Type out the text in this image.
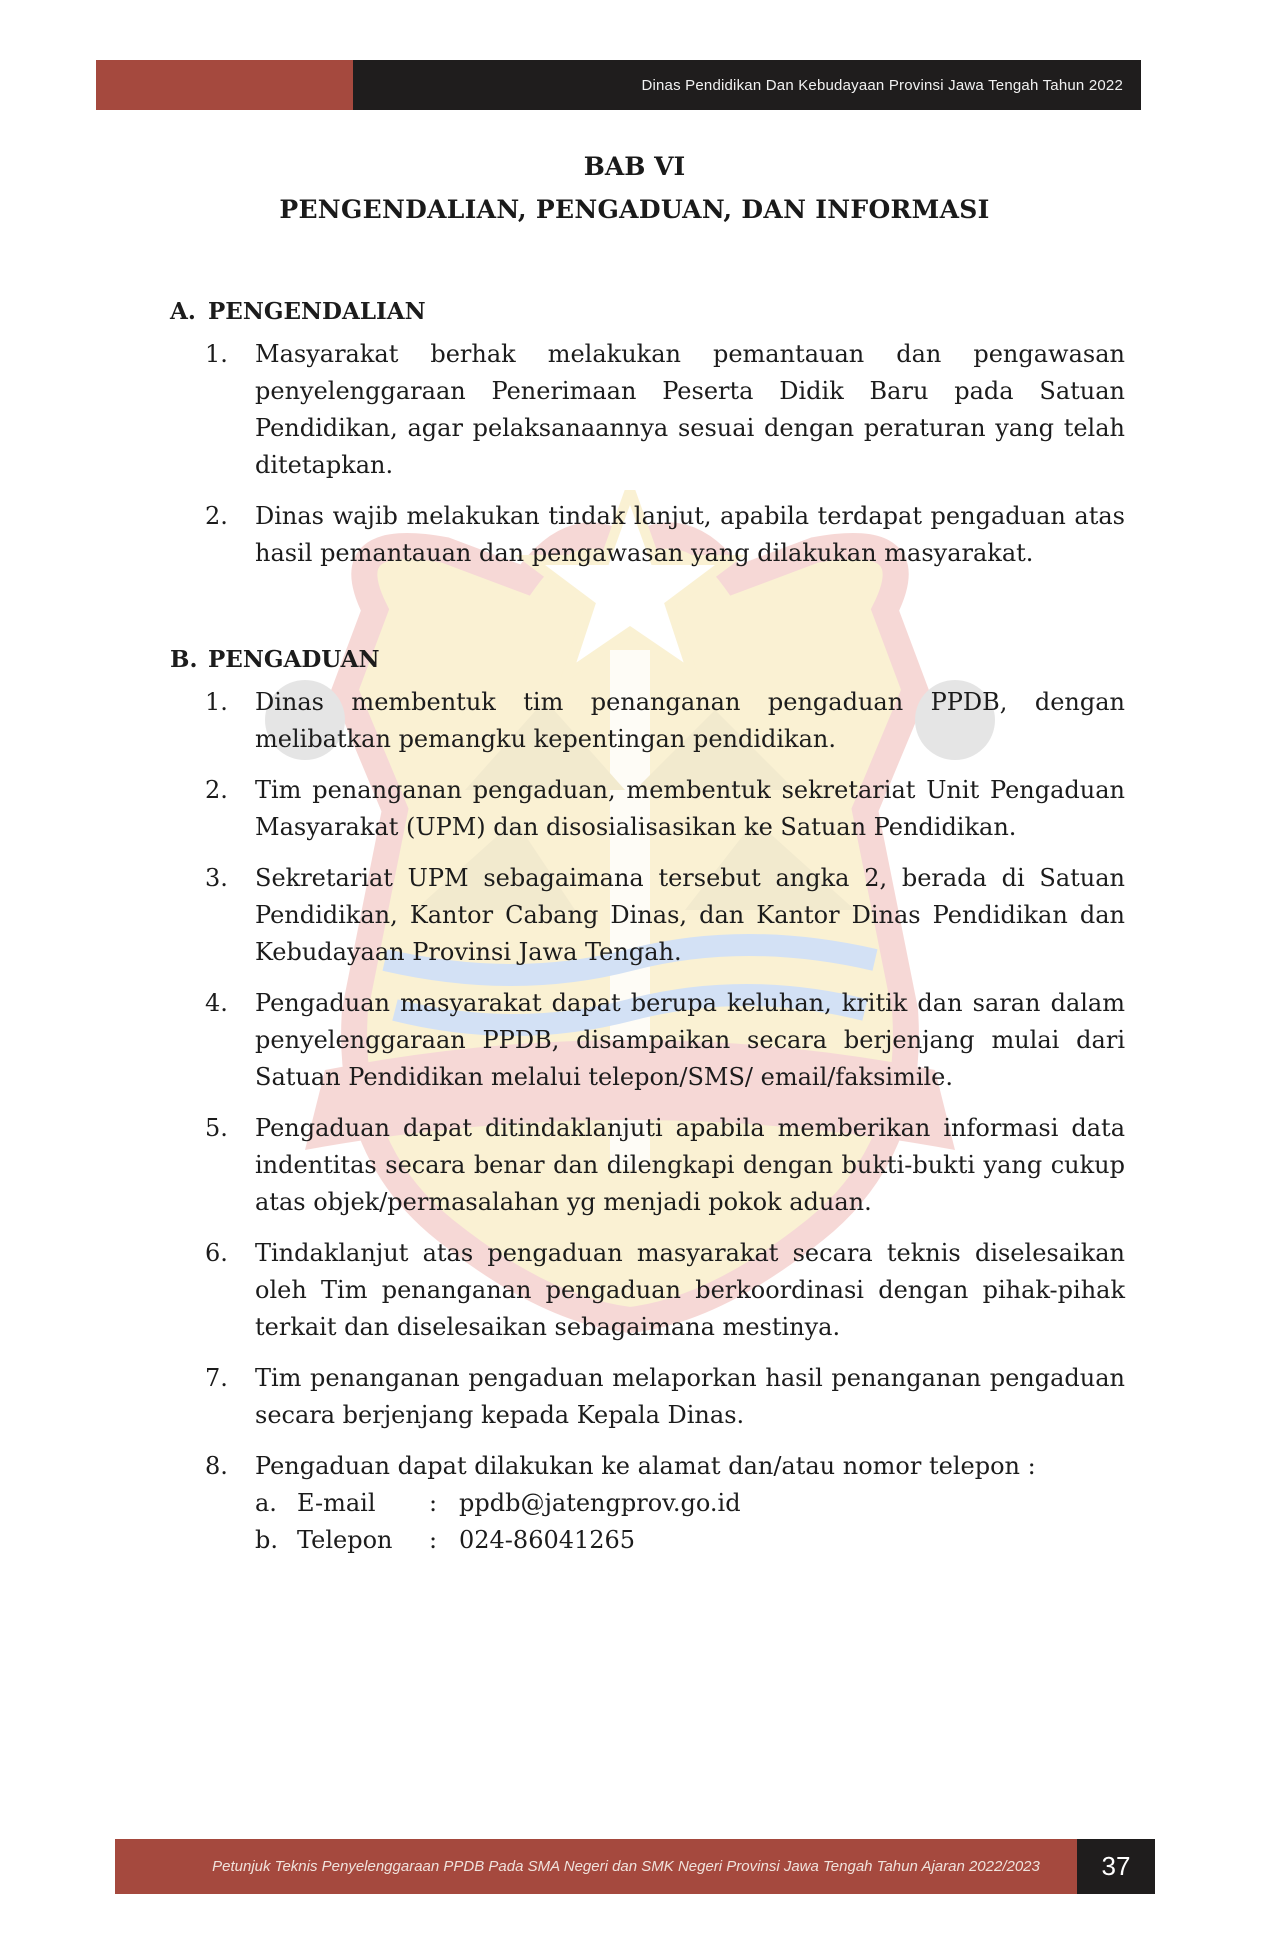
Dinas Pendidikan Dan Kebudayaan Provinsi Jawa Tengah Tahun 2022
BAB VI
PENGENDALIAN, PENGADUAN, DAN INFORMASI
A. PENGENDALIAN
1.	Masyarakat berhak melakukan pemantauan dan pengawasan penyelenggaraan Penerimaan Peserta Didik Baru pada Satuan Pendidikan, agar pelaksanaannya sesuai dengan peraturan yang telah ditetapkan.
2.	Dinas wajib melakukan tindak lanjut, apabila terdapat pengaduan atas hasil pemantauan dan pengawasan yang dilakukan masyarakat.
B. PENGADUAN
1.	Dinas membentuk tim penanganan pengaduan PPDB, dengan melibatkan pemangku kepentingan pendidikan.
2.	Tim penanganan pengaduan, membentuk sekretariat Unit Pengaduan Masyarakat (UPM) dan disosialisasikan ke Satuan Pendidikan.
3.	Sekretariat UPM sebagaimana tersebut angka 2, berada di Satuan Pendidikan, Kantor Cabang Dinas, dan Kantor Dinas Pendidikan dan Kebudayaan Provinsi Jawa Tengah.
4.	Pengaduan masyarakat dapat berupa keluhan, kritik dan saran dalam penyelenggaraan PPDB, disampaikan secara berjenjang mulai dari Satuan Pendidikan melalui telepon/SMS/ email/faksimile.
5.	Pengaduan dapat ditindaklanjuti apabila memberikan informasi data indentitas secara benar dan dilengkapi dengan bukti-bukti yang cukup atas objek/permasalahan yg menjadi pokok aduan.
6.	Tindaklanjut atas pengaduan masyarakat secara teknis diselesaikan oleh Tim penanganan pengaduan berkoordinasi dengan pihak-pihak terkait dan diselesaikan sebagaimana mestinya.
7.	Tim penanganan pengaduan melaporkan hasil penanganan pengaduan secara berjenjang kepada Kepala Dinas.
8.	Pengaduan dapat dilakukan ke alamat dan/atau nomor telepon :
a. E-mail	: ppdb@jatengprov.go.id
b. Telepon	: 024-86041265
Petunjuk Teknis Penyelenggaraan PPDB Pada SMA Negeri dan SMK Negeri Provinsi Jawa Tengah Tahun Ajaran 2022/2023	37
